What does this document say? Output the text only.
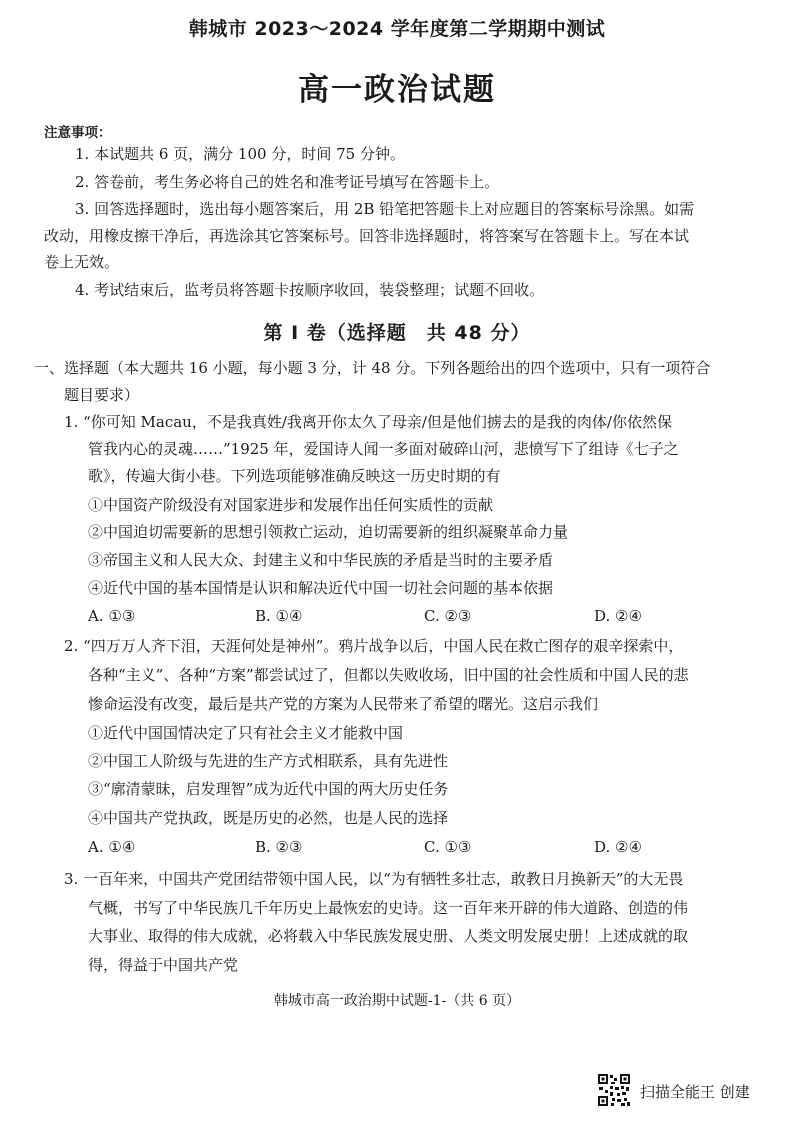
韩城市 2023～2024 学年度第二学期期中测试
高一政治试题
注意事项：
1. 本试题共 6 页，满分 100 分，时间 75 分钟。
2. 答卷前，考生务必将自己的姓名和准考证号填写在答题卡上。
3. 回答选择题时，选出每小题答案后，用 2B 铅笔把答题卡上对应题目的答案标号涂黑。如需
改动，用橡皮擦干净后，再选涂其它答案标号。回答非选择题时，将答案写在答题卡上。写在本试
卷上无效。
4. 考试结束后，监考员将答题卡按顺序收回，装袋整理；试题不回收。
第 Ⅰ 卷（选择题　共 48 分）
一、选择题（本大题共 16 小题，每小题 3 分，计 48 分。下列各题给出的四个选项中，只有一项符合
题目要求）
1. “你可知 Macau，不是我真姓/我离开你太久了母亲/但是他们掳去的是我的肉体/你依然保
管我内心的灵魂……”1925 年，爱国诗人闻一多面对破碎山河，悲愤写下了组诗《七子之
歌》，传遍大街小巷。下列选项能够准确反映这一历史时期的有
①中国资产阶级没有对国家进步和发展作出任何实质性的贡献
②中国迫切需要新的思想引领救亡运动，迫切需要新的组织凝聚革命力量
③帝国主义和人民大众、封建主义和中华民族的矛盾是当时的主要矛盾
④近代中国的基本国情是认识和解决近代中国一切社会问题的基本依据
A. ①③	B. ①④	C. ②③	D. ②④
2. “四万万人齐下泪，天涯何处是神州”。鸦片战争以后，中国人民在救亡图存的艰辛探索中，
各种“主义”、各种“方案”都尝试过了，但都以失败收场，旧中国的社会性质和中国人民的悲
惨命运没有改变，最后是共产党的方案为人民带来了希望的曙光。这启示我们
①近代中国国情决定了只有社会主义才能救中国
②中国工人阶级与先进的生产方式相联系，具有先进性
③“廓清蒙昧，启发理智”成为近代中国的两大历史任务
④中国共产党执政，既是历史的必然，也是人民的选择
A. ①④	B. ②③	C. ①③	D. ②④
3. 一百年来，中国共产党团结带领中国人民，以“为有牺牲多壮志，敢教日月换新天”的大无畏
气概，书写了中华民族几千年历史上最恢宏的史诗。这一百年来开辟的伟大道路、创造的伟
大事业、取得的伟大成就，必将载入中华民族发展史册、人类文明发展史册！上述成就的取
得，得益于中国共产党
韩城市高一政治期中试题-1-（共 6 页）
扫描全能王 创建
